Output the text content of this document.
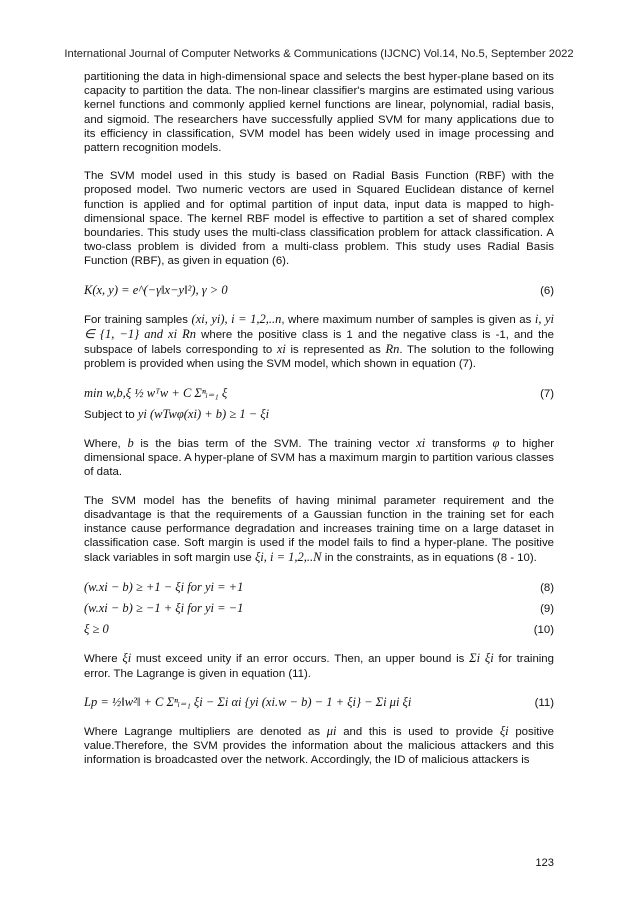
International Journal of Computer Networks & Communications (IJCNC) Vol.14, No.5, September 2022

partitioning the data in high-dimensional space and selects the best hyper-plane based on its capacity to partition the data. The non-linear classifier's margins are estimated using various kernel functions and commonly applied kernel functions are linear, polynomial, radial basis, and sigmoid. The researchers have successfully applied SVM for many applications due to its efficiency in classification, SVM model has been widely used in image processing and pattern recognition models.

The SVM model used in this study is based on Radial Basis Function (RBF) with the proposed model. Two numeric vectors are used in Squared Euclidean distance of kernel function is applied and for optimal partition of input data, input data is mapped to high-dimensional space. The kernel RBF model is effective to partition a set of shared complex boundaries. This study uses the multi-class classification problem for attack classification. A two-class problem is divided from a multi-class problem. This study uses Radial Basis Function (RBF), as given in equation (6).

K(x, y) = e^(−γ‖x−y‖²), γ > 0	(6)

For training samples (xi, yi), i = 1,2,..n, where maximum number of samples is given as i, yi ∈ {1, −1} and xi Rn where the positive class is 1 and the negative class is -1, and the subspace of labels corresponding to xi is represented as Rn. The solution to the following problem is provided when using the SVM model, which shown in equation (7).

min w,b,ξ ½ wᵀw + C Σⁿᵢ₌₁ ξ	(7)

Subject to yi (wTwφ(xi) + b) ≥ 1 − ξi

Where, b is the bias term of the SVM. The training vector xi transforms φ to higher dimensional space. A hyper-plane of SVM has a maximum margin to partition various classes of data.

The SVM model has the benefits of having minimal parameter requirement and the disadvantage is that the requirements of a Gaussian function in the training set for each instance cause performance degradation and increases training time on a large dataset in classification case. Soft margin is used if the model fails to find a hyper-plane. The positive slack variables in soft margin use ξi, i = 1,2,..N in the constraints, as in equations (8 - 10).

(w.xi − b) ≥ +1 − ξi for yi = +1	(8)
(w.xi − b) ≥ −1 + ξi for yi = −1	(9)
ξ ≥ 0	(10)

Where ξi must exceed unity if an error occurs. Then, an upper bound is Σi ξi for training error. The Lagrange is given in equation (11).

Lp = ½‖w²‖ + C Σⁿᵢ₌₁ ξi − Σi αi {yi (xi.w − b) − 1 + ξi} − Σi μi ξi	(11)

Where Lagrange multipliers are denoted as μi and this is used to provide ξi positive value.Therefore, the SVM provides the information about the malicious attackers and this information is broadcasted over the network. Accordingly, the ID of malicious attackers is

123
